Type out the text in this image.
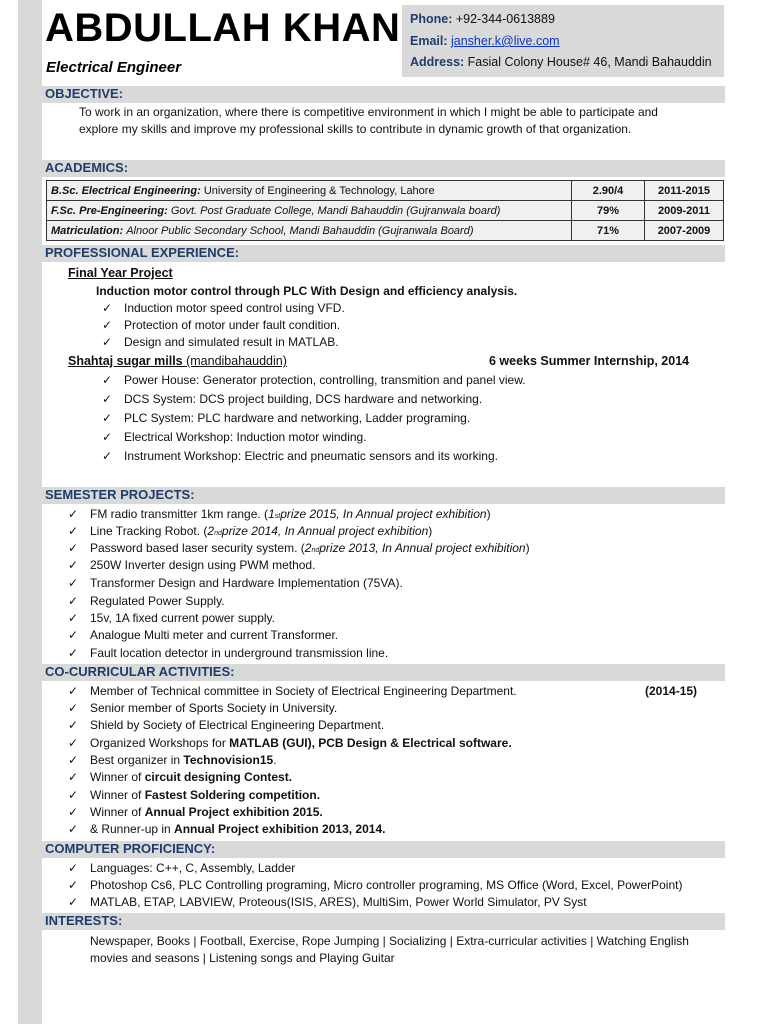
ABDULLAH KHAN
Electrical Engineer
Phone: +92-344-0613889
Email: jansher.k@live.com
Address: Fasial Colony House# 46, Mandi Bahauddin
OBJECTIVE:
To work in an organization, where there is competitive environment in which I might be able to participate and
explore my skills and improve my professional skills to contribute in dynamic growth of that organization.
ACADEMICS:
B.Sc. Electrical Engineering: University of Engineering & Technology, Lahore	2.90/4	2011-2015
F.Sc. Pre-Engineering: Govt. Post Graduate College, Mandi Bahauddin (Gujranwala board)	79%	2009-2011
Matriculation: Alnoor Public Secondary School, Mandi Bahauddin (Gujranwala Board)	71%	2007-2009
PROFESSIONAL EXPERIENCE:
Final Year Project
Induction motor control through PLC With Design and efficiency analysis.
✓ Induction motor speed control using VFD.
✓ Protection of motor under fault condition.
✓ Design and simulated result in MATLAB.
Shahtaj sugar mills (mandibahauddin)	6 weeks Summer Internship, 2014
✓ Power House: Generator protection, controlling, transmition and panel view.
✓ DCS System: DCS project building, DCS hardware and networking.
✓ PLC System: PLC hardware and networking, Ladder programing.
✓ Electrical Workshop: Induction motor winding.
✓ Instrument Workshop: Electric and pneumatic sensors and its working.
SEMESTER PROJECTS:
✓ FM radio transmitter 1km range. (1stprize 2015, In Annual project exhibition)
✓ Line Tracking Robot. (2ndprize 2014, In Annual project exhibition)
✓ Password based laser security system. (2ndprize 2013, In Annual project exhibition)
✓ 250W Inverter design using PWM method.
✓ Transformer Design and Hardware Implementation (75VA).
✓ Regulated Power Supply.
✓ 15v, 1A fixed current power supply.
✓ Analogue Multi meter and current Transformer.
✓ Fault location detector in underground transmission line.
CO-CURRICULAR ACTIVITIES:
✓ Member of Technical committee in Society of Electrical Engineering Department.	(2014-15)
✓ Senior member of Sports Society in University.
✓ Shield by Society of Electrical Engineering Department.
✓ Organized Workshops for MATLAB (GUI), PCB Design & Electrical software.
✓ Best organizer in Technovision15.
✓ Winner of circuit designing Contest.
✓ Winner of Fastest Soldering competition.
✓ Winner of Annual Project exhibition 2015.
✓ & Runner-up in Annual Project exhibition 2013, 2014.
COMPUTER PROFICIENCY:
✓ Languages: C++, C, Assembly, Ladder
✓ Photoshop Cs6, PLC Controlling programing, Micro controller programing, MS Office (Word, Excel, PowerPoint)
✓ MATLAB, ETAP, LABVIEW, Proteous(ISIS, ARES), MultiSim, Power World Simulator, PV Syst
INTERESTS:
Newspaper, Books | Football, Exercise, Rope Jumping | Socializing | Extra-curricular activities | Watching English
movies and seasons | Listening songs and Playing Guitar
